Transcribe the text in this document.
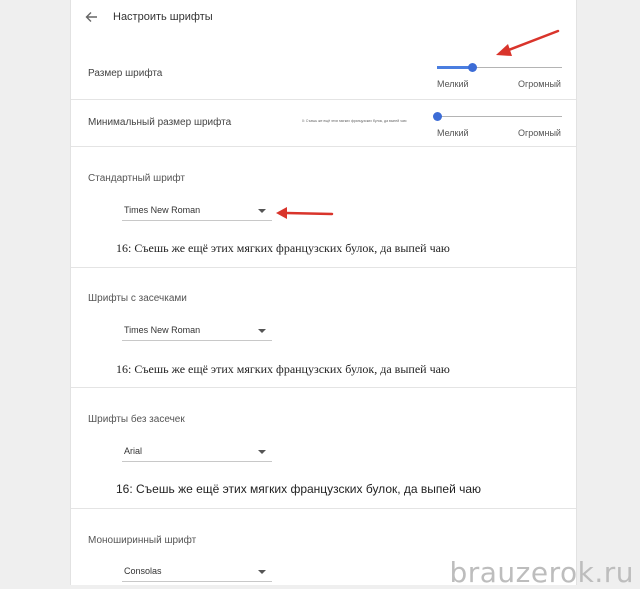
Настроить шрифты
Размер шрифта
Мелкий	Огромный
Минимальный размер шрифта	0: Съешь же ещё этих мягких французских булок, да выпей чаю
Мелкий	Огромный
Стандартный шрифт
Times New Roman
16: Съешь же ещё этих мягких французских булок, да выпей чаю
Шрифты с засечками
Times New Roman
16: Съешь же ещё этих мягких французских булок, да выпей чаю
Шрифты без засечек
Arial
16: Съешь же ещё этих мягких французских булок, да выпей чаю
Моноширинный шрифт
Consolas	brauzerok.ru
